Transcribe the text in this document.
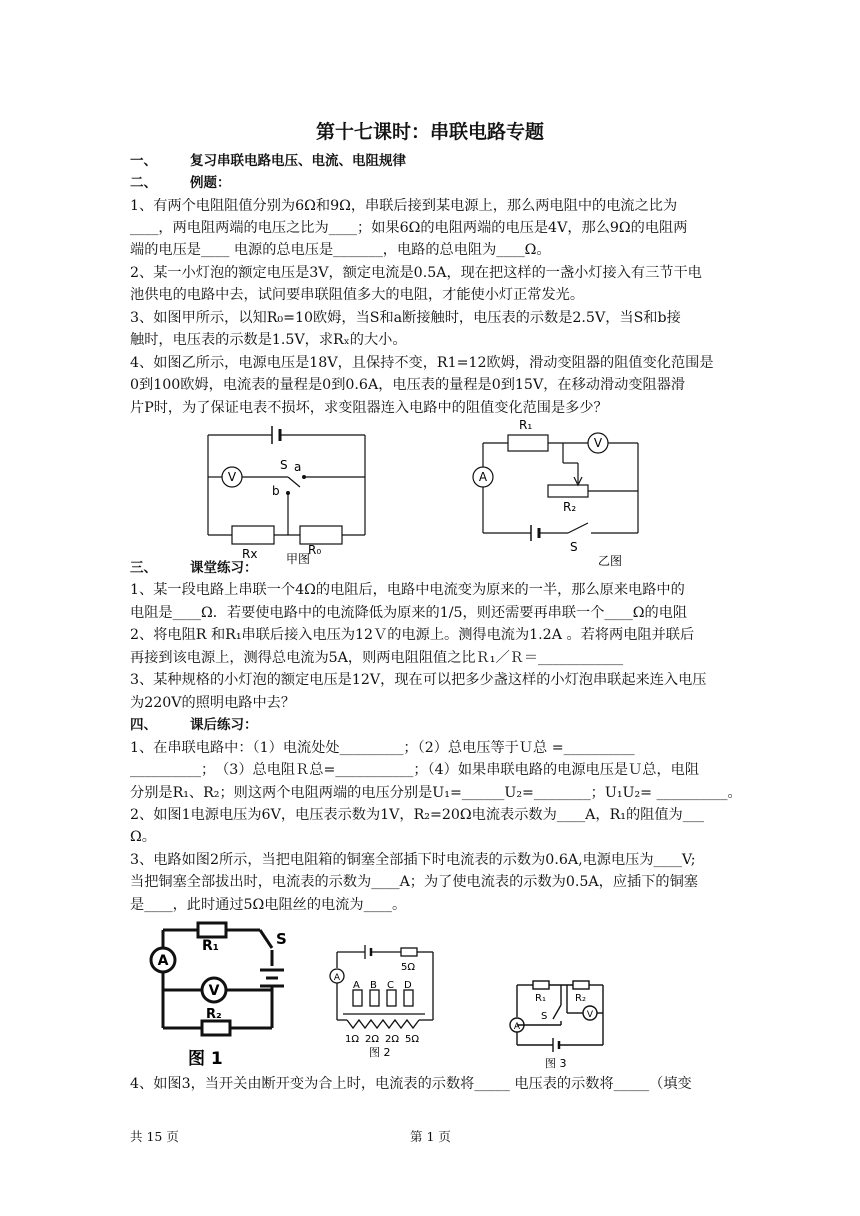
第十七课时：串联电路专题
一、 复习串联电路电压、电流、电阻规律
二、 例题：
1、有两个电阻阻值分别为6Ω和9Ω，串联后接到某电源上，那么两电阻中的电流之比为
____，两电阻两端的电压之比为____；如果6Ω的电阻两端的电压是4V，那么9Ω的电阻两
端的电压是____ 电源的总电压是_______，电路的总电阻为____Ω。
2、某一小灯泡的额定电压是3V，额定电流是0.5A，现在把这样的一盏小灯接入有三节干电
池供电的电路中去，试问要串联阻值多大的电阻，才能使小灯正常发光。
3、如图甲所示，以知R₀=10欧姆，当S和a断接触时，电压表的示数是2.5V，当S和b接
触时，电压表的示数是1.5V，求Rₓ的大小。
4、如图乙所示，电源电压是18V，且保持不变，R1=12欧姆，滑动变阻器的阻值变化范围是
0到100欧姆，电流表的量程是0到0.6A，电压表的量程是0到15V，在移动滑动变阻器滑
片P时，为了保证电表不损坏，求变阻器连入电路中的阻值变化范围是多少？
V
S a
b
Rx	R₀
甲图
A
V
R₁
R₂
S
乙图
三、 课堂练习：
1、某一段电路上串联一个4Ω的电阻后，电路中电流变为原来的一半，那么原来电路中的
电阻是____Ω．若要使电路中的电流降低为原来的1/5，则还需要再串联一个____Ω的电阻
2、将电阻R 和R₁串联后接入电压为12Ｖ的电源上。测得电流为1.2A 。若将两电阻并联后
再接到该电源上，测得总电流为5A，则两电阻阻值之比Ｒ₁／Ｒ＝____________
3、某种规格的小灯泡的额定电压是12V，现在可以把多少盏这样的小灯泡串联起来连入电压
为220V的照明电路中去？
四、 课后练习：
1、在串联电路中：（1）电流处处_________；（2）总电压等于Ｕ总 =__________
__________；　（3）总电阻Ｒ总=___________；（4）如果串联电路的电源电压是Ｕ总，电阻
分别是R₁、R₂；则这两个电阻两端的电压分别是U₁=______U₂=________；U₁U₂= __________。
2、如图1电源电压为6V，电压表示数为1V，R₂=20Ω电流表示数为____A，R₁的阻值为___
Ω。
3、电路如图2所示，当把电阻箱的铜塞全部插下时电流表的示数为0.6A,电源电压为____V;
当把铜塞全部拔出时，电流表的示数为____A；为了使电流表的示数为0.5A，应插下的铜塞
是____，此时通过5Ω电阻丝的电流为____。
A
V
R₁	S
R₂
图 1
A
5Ω
A B C D
1Ω 2Ω 2Ω 5Ω
图 2
A
V
R₁	R₂
S
图 3
4、如图3，当开关由断开变为合上时，电流表的示数将_____ 电压表的示数将_____（填变
共 15 页	第 1 页
